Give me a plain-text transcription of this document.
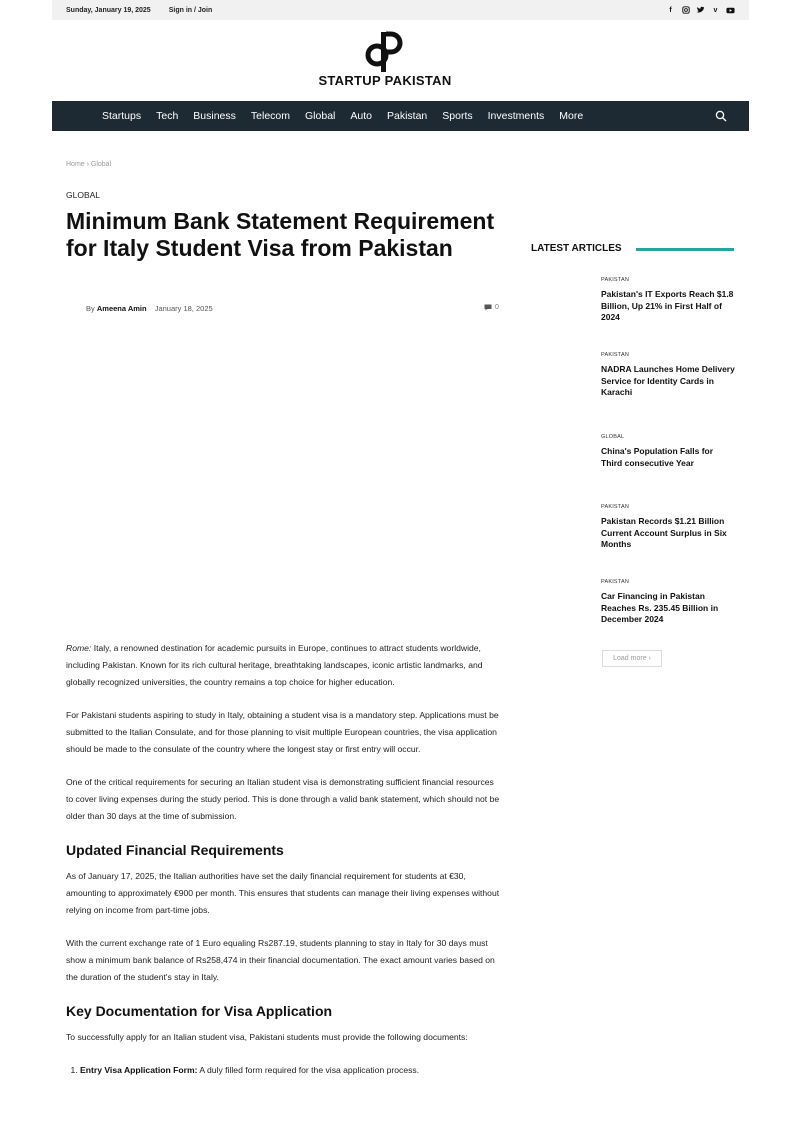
Sunday, January 19, 2025	Sign in / Join	f	v
STARTUP PAKISTAN
Startups Tech Business Telecom Global Auto Pakistan Sports Investments More
Home › Global
GLOBAL
Minimum Bank Statement Requirement for Italy Student Visa from Pakistan
By Ameena Amin January 18, 2025	0

Rome: Italy, a renowned destination for academic pursuits in Europe, continues to attract students worldwide, including Pakistan. Known for its rich cultural heritage, breathtaking landscapes, iconic artistic landmarks, and globally recognized universities, the country remains a top choice for higher education.

For Pakistani students aspiring to study in Italy, obtaining a student visa is a mandatory step. Applications must be submitted to the Italian Consulate, and for those planning to visit multiple European countries, the visa application should be made to the consulate of the country where the longest stay or first entry will occur.

One of the critical requirements for securing an Italian student visa is demonstrating sufficient financial resources to cover living expenses during the study period. This is done through a valid bank statement, which should not be older than 30 days at the time of submission.

Updated Financial Requirements

As of January 17, 2025, the Italian authorities have set the daily financial requirement for students at €30, amounting to approximately €900 per month. This ensures that students can manage their living expenses without relying on income from part-time jobs.

With the current exchange rate of 1 Euro equaling Rs287.19, students planning to stay in Italy for 30 days must show a minimum bank balance of Rs258,474 in their financial documentation. The exact amount varies based on the duration of the student's stay in Italy.

Key Documentation for Visa Application

To successfully apply for an Italian student visa, Pakistani students must provide the following documents:

1. Entry Visa Application Form: A duly filled form required for the visa application process.
LATEST ARTICLES
PAKISTAN
Pakistan's IT Exports Reach $1.8 Billion, Up 21% in First Half of 2024
PAKISTAN
NADRA Launches Home Delivery Service for Identity Cards in Karachi
GLOBAL
China's Population Falls for Third consecutive Year
PAKISTAN
Pakistan Records $1.21 Billion Current Account Surplus in Six Months
PAKISTAN
Car Financing in Pakistan Reaches Rs. 235.45 Billion in December 2024
Load more ›
